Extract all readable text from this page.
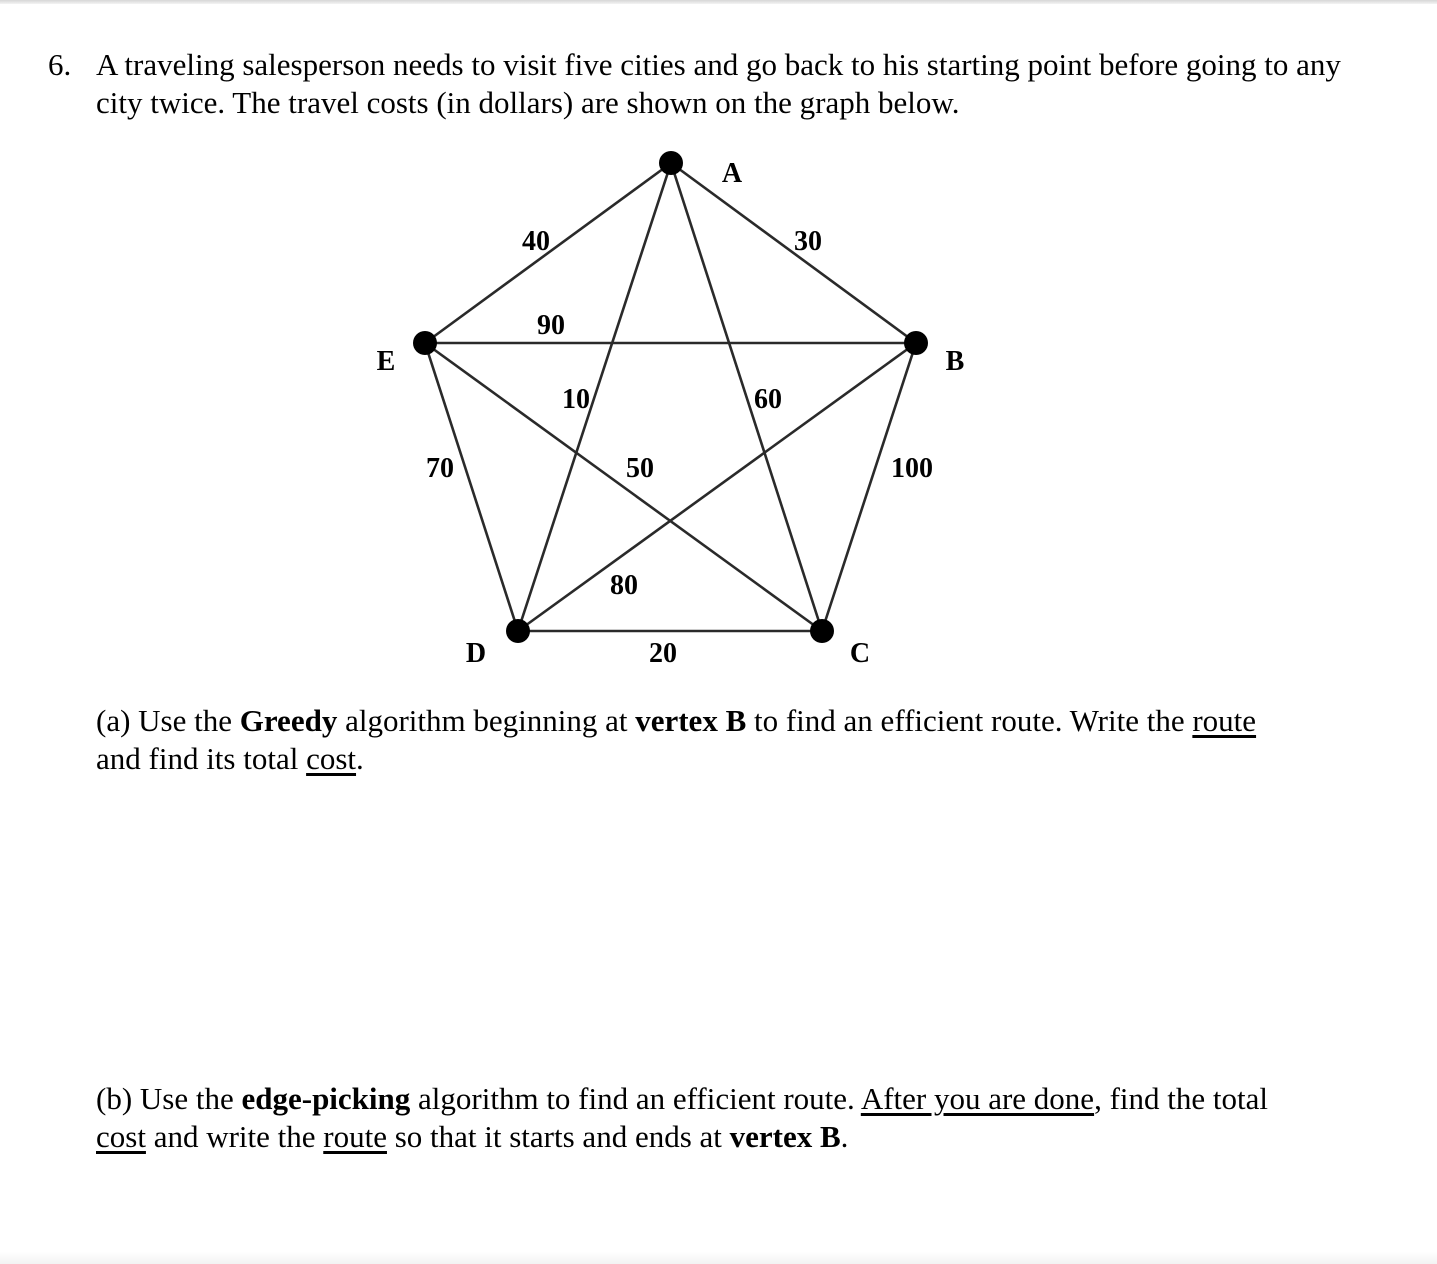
6. A traveling salesperson needs to visit five cities and go back to his starting point before going to any city twice. The travel costs (in dollars) are shown on the graph below.
A
B
C
D
E
40	30
90
10	60
70	50	100
80
20
(a) Use the Greedy algorithm beginning at vertex B to find an efficient route. Write the route and find its total cost.
(b) Use the edge-picking algorithm to find an efficient route. After you are done, find the total cost and write the route so that it starts and ends at vertex B.
